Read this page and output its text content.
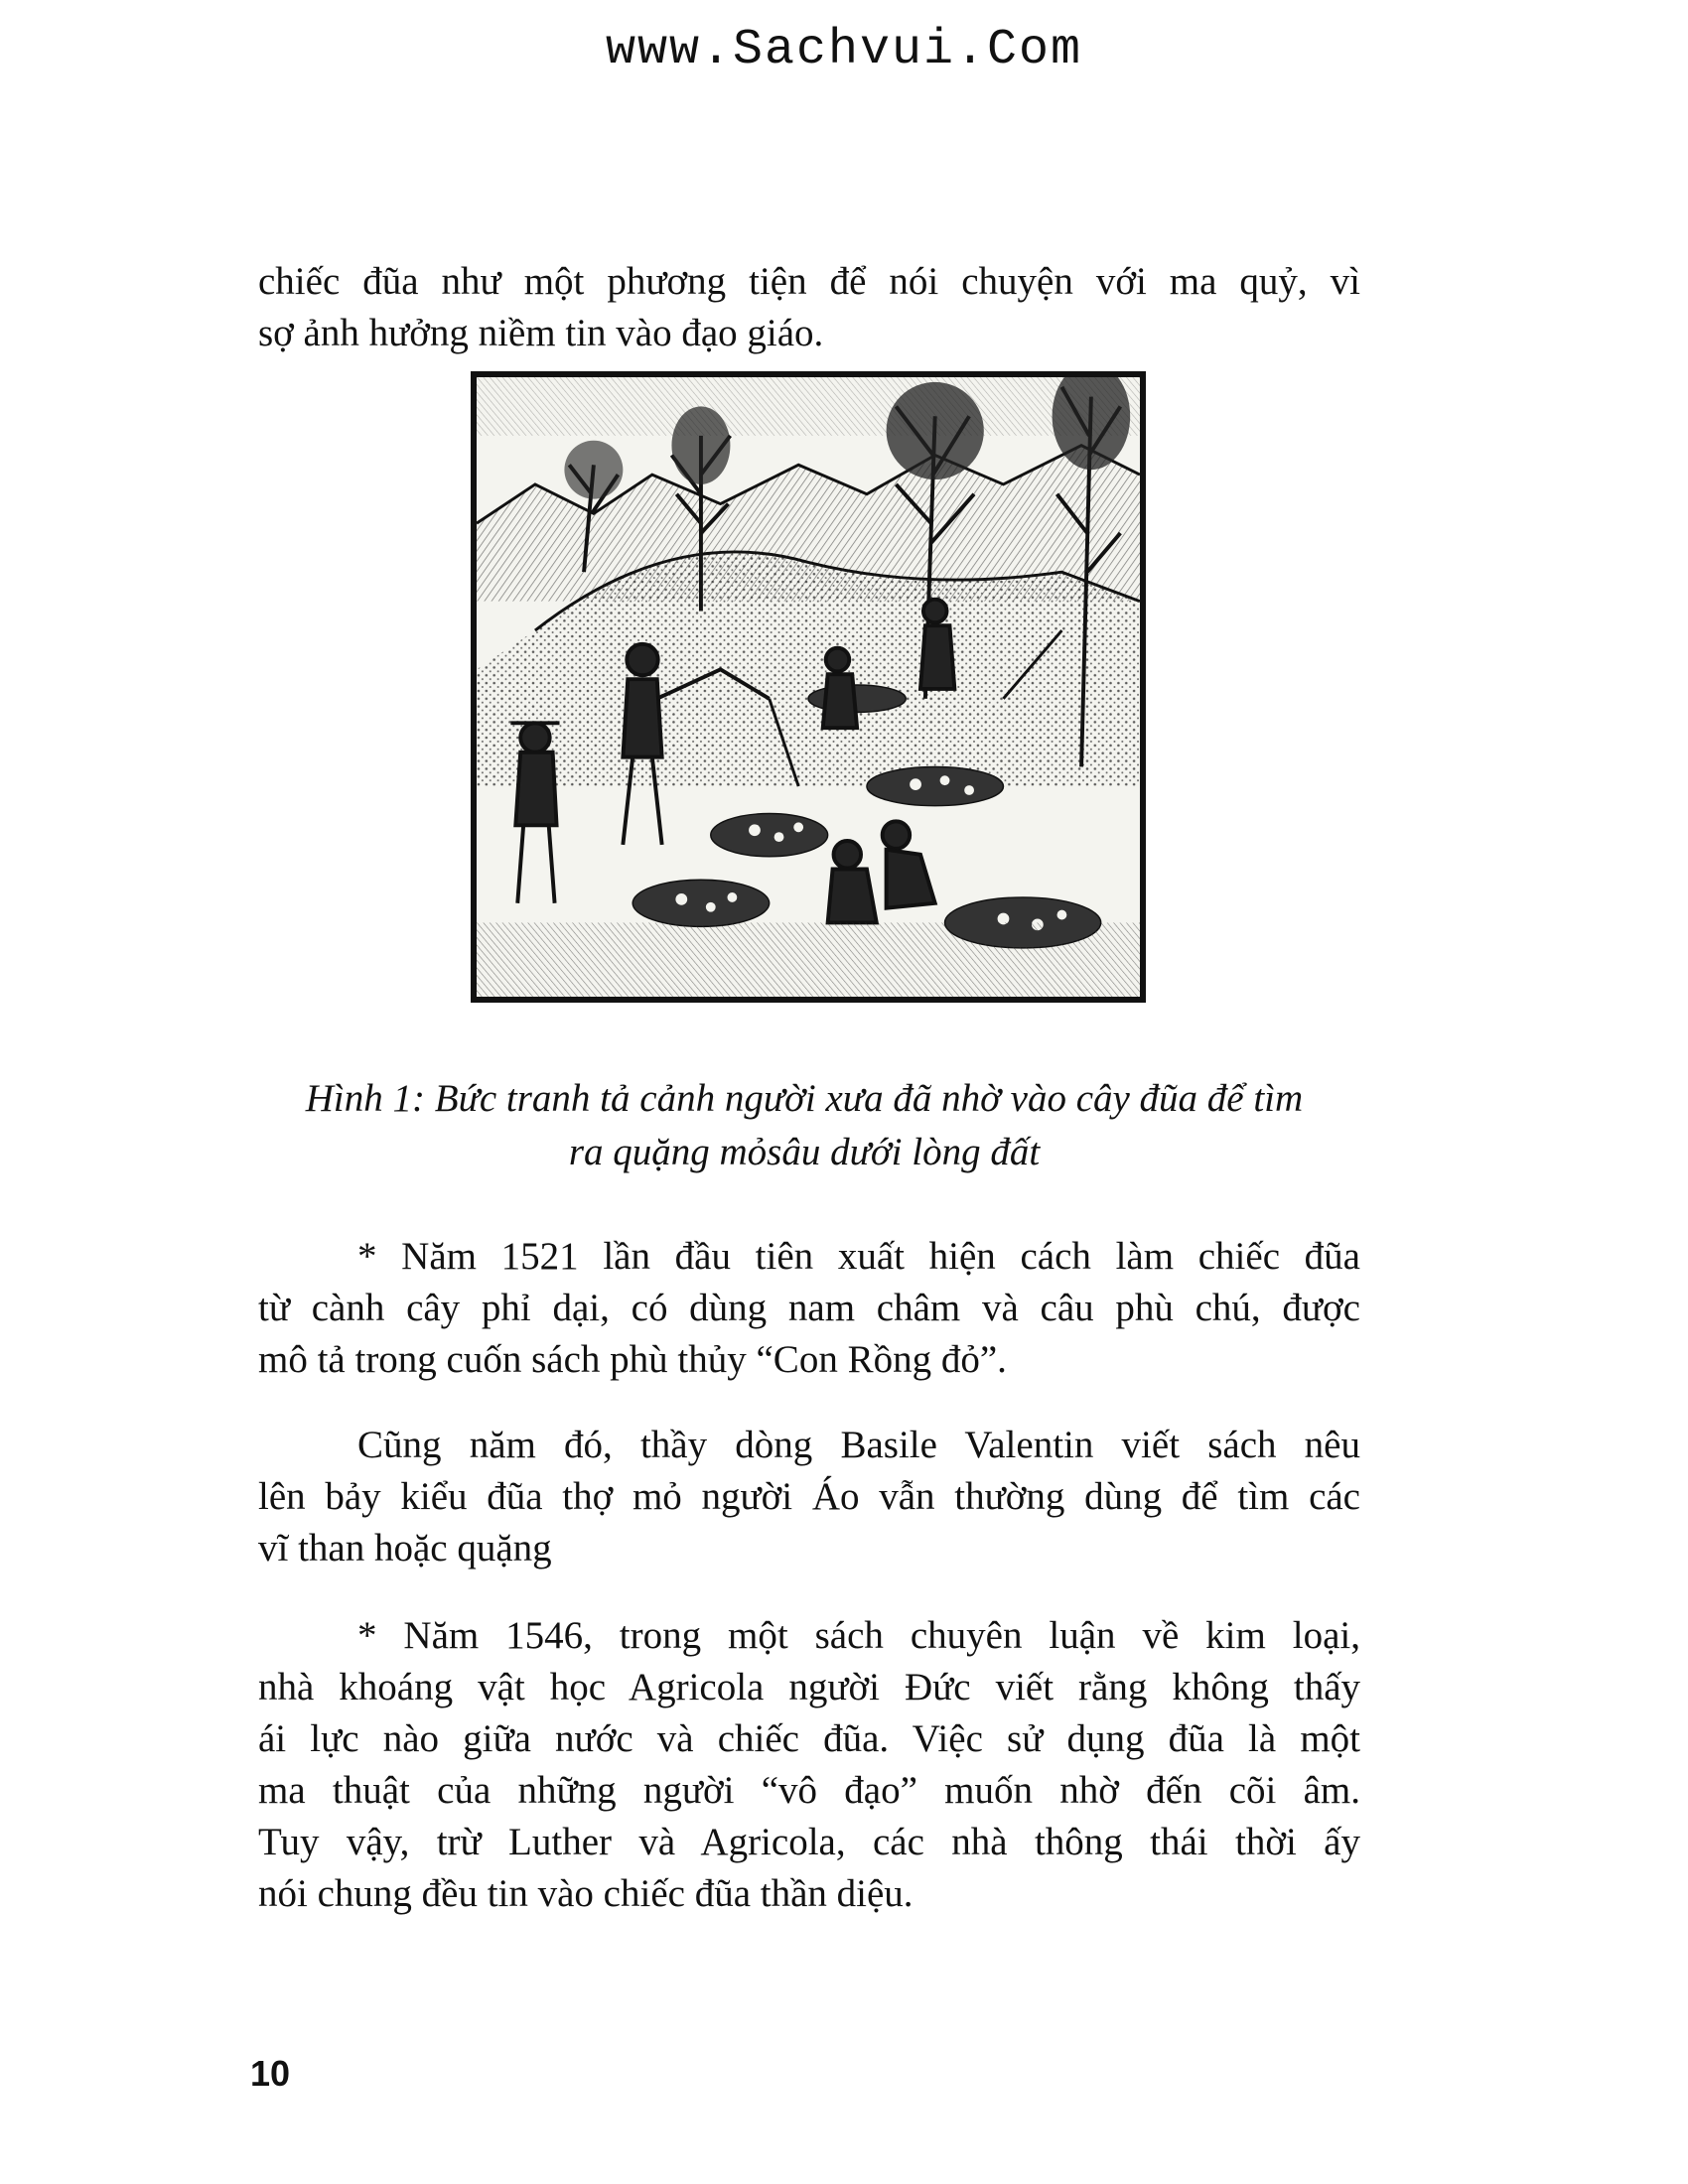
www.Sachvui.Com
chiếc đũa như một phương tiện để nói chuyện với ma quỷ, vì
sợ ảnh hưởng niềm tin vào đạo giáo.
Hình 1: Bức tranh tả cảnh người xưa đã nhờ vào cây đũa để tìm
ra quặng mỏsâu dưới lòng đất
* Năm 1521 lần đầu tiên xuất hiện cách làm chiếc đũa
từ cành cây phỉ dại, có dùng nam châm và câu phù chú, được
mô tả trong cuốn sách phù thủy “Con Rồng đỏ”.
Cũng năm đó, thầy dòng Basile Valentin viết sách nêu
lên bảy kiểu đũa thợ mỏ người Áo vẫn thường dùng để tìm các
vĩ than hoặc quặng
* Năm 1546, trong một sách chuyên luận về kim loại,
nhà khoáng vật học Agricola người Đức viết rằng không thấy
ái lực nào giữa nước và chiếc đũa. Việc sử dụng đũa là một
ma thuật của những người “vô đạo” muốn nhờ đến cõi âm.
Tuy vậy, trừ Luther và Agricola, các nhà thông thái thời ấy
nói chung đều tin vào chiếc đũa thần diệu.
10
